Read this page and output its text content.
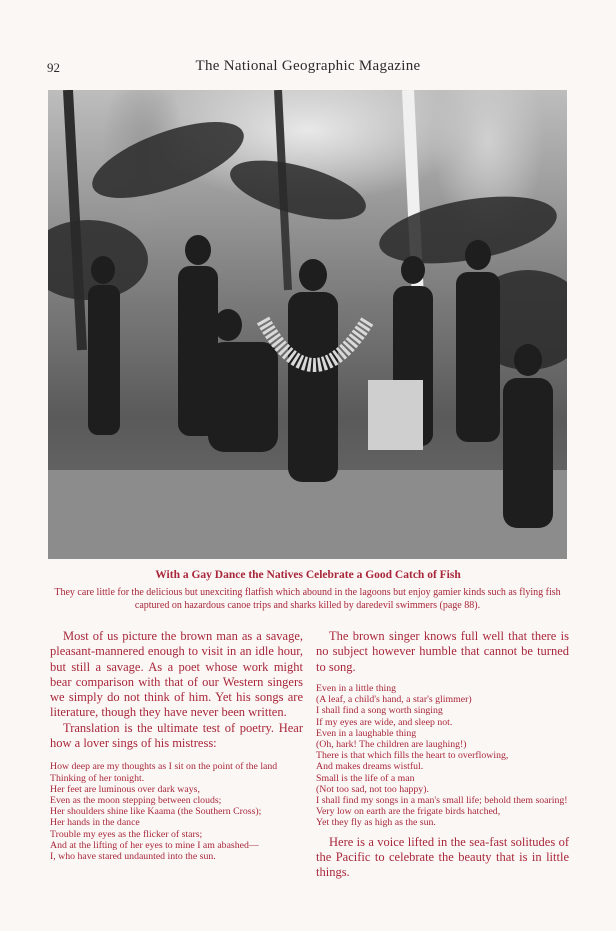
92	The National Geographic Magazine
With a Gay Dance the Natives Celebrate a Good Catch of Fish
They care little for the delicious but unexciting flatfish which abound in the lagoons but enjoy gamier kinds such as flying fish captured on hazardous canoe trips and sharks killed by daredevil swimmers (page 88).

Most of us picture the brown man as a savage, pleasant-mannered enough to visit in an idle hour, but still a savage. As a poet whose work might bear comparison with that of our Western singers we simply do not think of him. Yet his songs are literature, though they have never been written.

Translation is the ultimate test of poetry. Hear how a lover sings of his mistress:

How deep are my thoughts as I sit on the point of the land
Thinking of her tonight.
Her feet are luminous over dark ways,
Even as the moon stepping between clouds;
Her shoulders shine like Kaama (the Southern Cross);
Her hands in the dance
Trouble my eyes as the flicker of stars;
And at the lifting of her eyes to mine I am abashed—
I, who have stared undaunted into the sun.

The brown singer knows full well that there is no subject however humble that cannot be turned to song.

Even in a little thing
(A leaf, a child's hand, a star's glimmer)
I shall find a song worth singing
If my eyes are wide, and sleep not.
Even in a laughable thing
(Oh, hark! The children are laughing!)
There is that which fills the heart to overflowing,
And makes dreams wistful.
Small is the life of a man
(Not too sad, not too happy).
I shall find my songs in a man's small life; behold them soaring!
Very low on earth are the frigate birds hatched,
Yet they fly as high as the sun.

Here is a voice lifted in the sea-fast solitudes of the Pacific to celebrate the beauty that is in little things.
